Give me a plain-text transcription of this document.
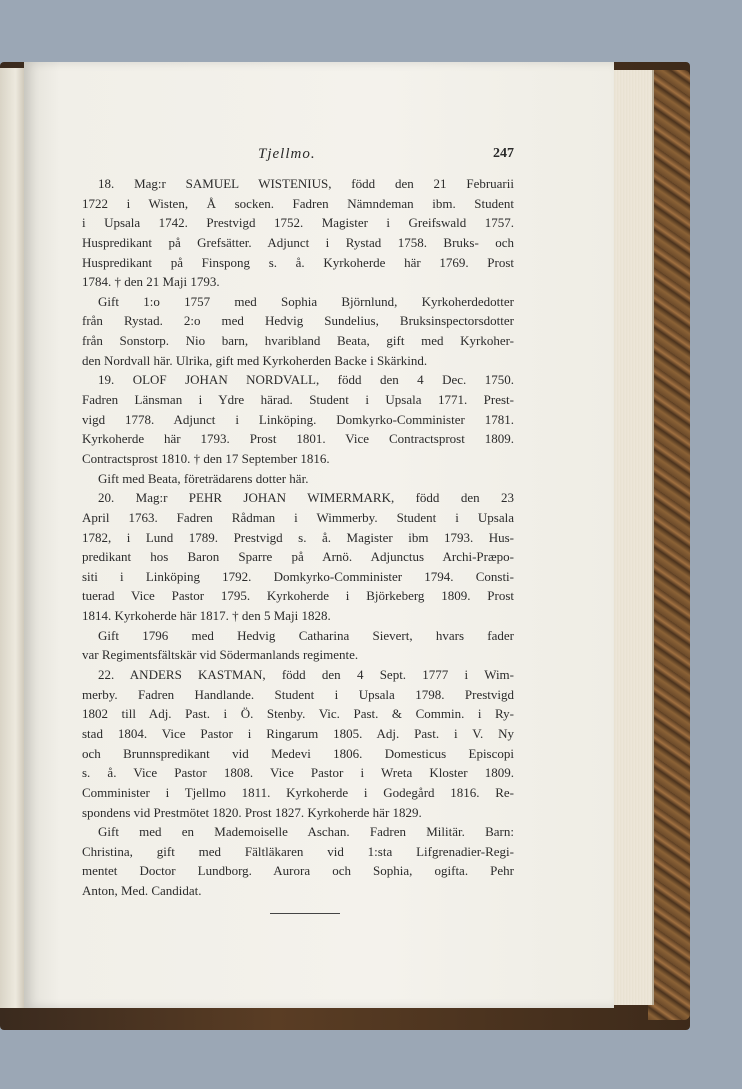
Tjellmo.	247
18. Mag:r SAMUEL WISTENIUS, född den 21 Februarii
1722 i Wisten, Å socken. Fadren Nämndeman ibm. Student
i Upsala 1742. Prestvigd 1752. Magister i Greifswald 1757.
Huspredikant på Grefsätter. Adjunct i Rystad 1758. Bruks- och
Huspredikant på Finspong s. å. Kyrkoherde här 1769. Prost
1784. † den 21 Maji 1793.
Gift 1:o 1757 med Sophia Björnlund, Kyrkoherdedotter
från Rystad. 2:o med Hedvig Sundelius, Bruksinspectorsdotter
från Sonstorp. Nio barn, hvaribland Beata, gift med Kyrkoher-
den Nordvall här. Ulrika, gift med Kyrkoherden Backe i Skärkind.
19. OLOF JOHAN NORDVALL, född den 4 Dec. 1750.
Fadren Länsman i Ydre härad. Student i Upsala 1771. Prest-
vigd 1778. Adjunct i Linköping. Domkyrko-Comminister 1781.
Kyrkoherde här 1793. Prost 1801. Vice Contractsprost 1809.
Contractsprost 1810. † den 17 September 1816.
Gift med Beata, företrädarens dotter här.
20. Mag:r PEHR JOHAN WIMERMARK, född den 23
April 1763. Fadren Rådman i Wimmerby. Student i Upsala
1782, i Lund 1789. Prestvigd s. å. Magister ibm 1793. Hus-
predikant hos Baron Sparre på Arnö. Adjunctus Archi-Præpo-
siti i Linköping 1792. Domkyrko-Comminister 1794. Consti-
tuerad Vice Pastor 1795. Kyrkoherde i Björkeberg 1809. Prost
1814. Kyrkoherde här 1817. † den 5 Maji 1828.
Gift 1796 med Hedvig Catharina Sievert, hvars fader
var Regimentsfältskär vid Södermanlands regimente.
22. ANDERS KASTMAN, född den 4 Sept. 1777 i Wim-
merby. Fadren Handlande. Student i Upsala 1798. Prestvigd
1802 till Adj. Past. i Ö. Stenby. Vic. Past. & Commin. i Ry-
stad 1804. Vice Pastor i Ringarum 1805. Adj. Past. i V. Ny
och Brunnspredikant vid Medevi 1806. Domesticus Episcopi
s. å. Vice Pastor 1808. Vice Pastor i Wreta Kloster 1809.
Comminister i Tjellmo 1811. Kyrkoherde i Godegård 1816. Re-
spondens vid Prestmötet 1820. Prost 1827. Kyrkoherde här 1829.
Gift med en Mademoiselle Aschan. Fadren Militär. Barn:
Christina, gift med Fältläkaren vid 1:sta Lifgrenadier-Regi-
mentet Doctor Lundborg. Aurora och Sophia, ogifta. Pehr
Anton, Med. Candidat.
